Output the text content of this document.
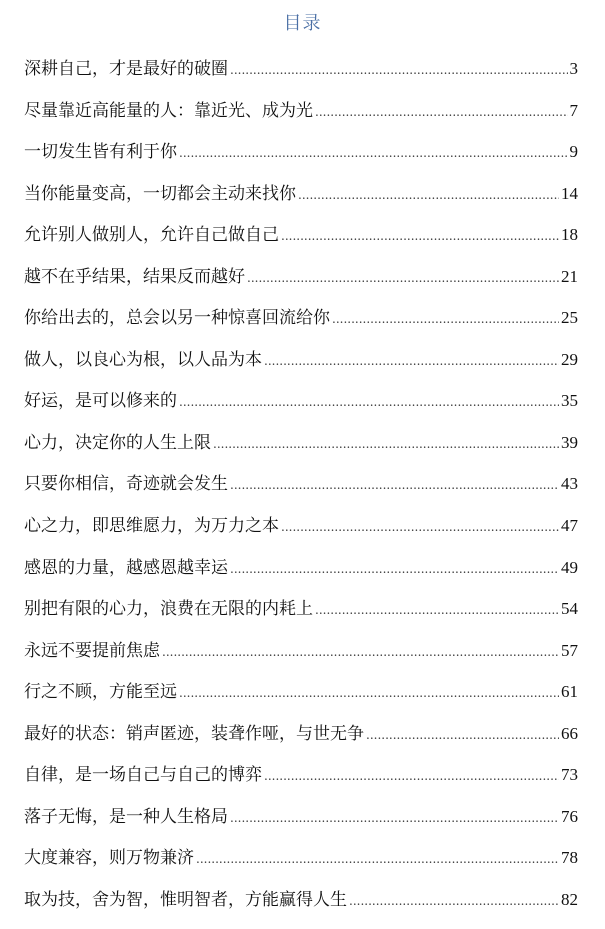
目录
深耕自己，才是最好的破圈 .....	3
尽量靠近高能量的人：靠近光、成为光 .....	7
一切发生皆有利于你 .....	9
当你能量变高，一切都会主动来找你 .....	14
允许别人做别人，允许自己做自己 .....	18
越不在乎结果，结果反而越好 .....	21
你给出去的，总会以另一种惊喜回流给你 .....	25
做人，以良心为根，以人品为本 .....	29
好运，是可以修来的 .....	35
心力，决定你的人生上限 .....	39
只要你相信，奇迹就会发生 .....	43
心之力，即思维愿力，为万力之本 .....	47
感恩的力量，越感恩越幸运 .....	49
别把有限的心力，浪费在无限的内耗上 .....	54
永远不要提前焦虑 .....	57
行之不顾，方能至远 .....	61
最好的状态：销声匿迹，装聋作哑，与世无争 .....	66
自律，是一场自己与自己的博弈 .....	73
落子无悔，是一种人生格局 .....	76
大度兼容，则万物兼济 .....	78
取为技，舍为智，惟明智者，方能赢得人生 .....	82
